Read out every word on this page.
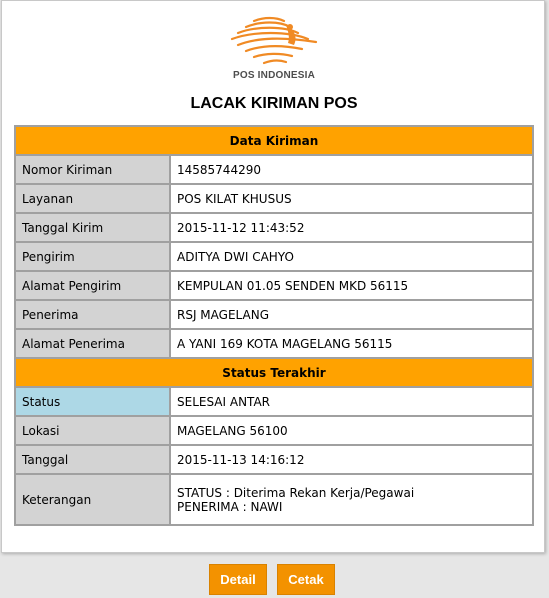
POS INDONESIA
LACAK KIRIMAN POS
Data Kiriman	
Nomor Kiriman	14585744290
Layanan	POS KILAT KHUSUS
Tanggal Kirim	2015-11-12 11:43:52
Pengirim	ADITYA DWI CAHYO
Alamat Pengirim	KEMPULAN 01.05 SENDEN MKD 56115
Penerima	RSJ MAGELANG
Alamat Penerima	A YANI 169 KOTA MAGELANG 56115
Status Terakhir	
Status	SELESAI ANTAR
Lokasi	MAGELANG 56100
Tanggal	2015-11-13 14:16:12
Keterangan	STATUS : Diterima Rekan Kerja/Pegawai
PENERIMA : NAWI
Detail	Cetak
